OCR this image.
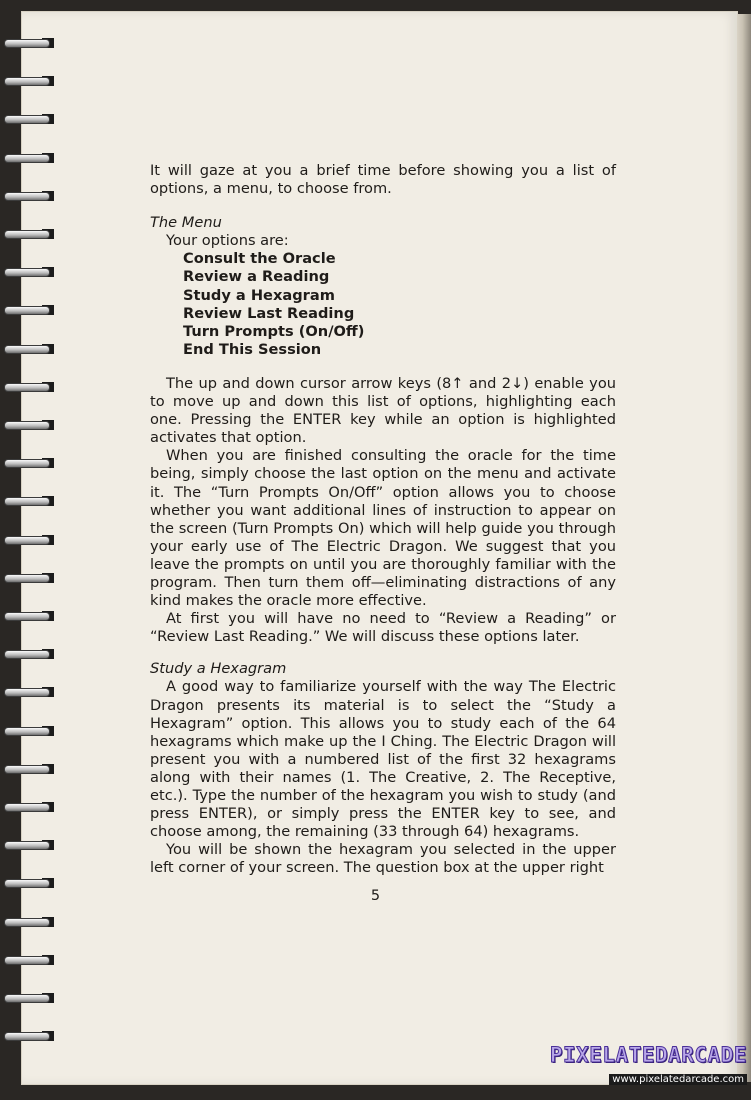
It will gaze at you a brief time before showing you a list of options, a menu, to choose from.

The Menu
Your options are:
Consult the Oracle
Review a Reading
Study a Hexagram
Review Last Reading
Turn Prompts (On/Off)
End This Session

The up and down cursor arrow keys (8↑ and 2↓) enable you to move up and down this list of options, highlighting each one. Pressing the ENTER key while an option is highlighted activates that option.

When you are finished consulting the oracle for the time being, simply choose the last option on the menu and activate it. The “Turn Prompts On/Off” option allows you to choose whether you want additional lines of instruction to appear on the screen (Turn Prompts On) which will help guide you through your early use of The Electric Dragon. We suggest that you leave the prompts on until you are thoroughly familiar with the program. Then turn them off—eliminating distractions of any kind makes the oracle more effective.

At first you will have no need to “Review a Reading” or “Review Last Reading.” We will discuss these options later.

Study a Hexagram

A good way to familiarize yourself with the way The Electric Dragon presents its material is to select the “Study a Hexagram” option. This allows you to study each of the 64 hexagrams which make up the I Ching. The Electric Dragon will present you with a numbered list of the first 32 hexagrams along with their names (1. The Creative, 2. The Receptive, etc.). Type the number of the hexagram you wish to study (and press ENTER), or simply press the ENTER key to see, and choose among, the remaining (33 through 64) hexagrams.

You will be shown the hexagram you selected in the upper left corner of your screen. The question box at the upper right

5
PIXELATEDARCADE
www.pixelatedarcade.com
